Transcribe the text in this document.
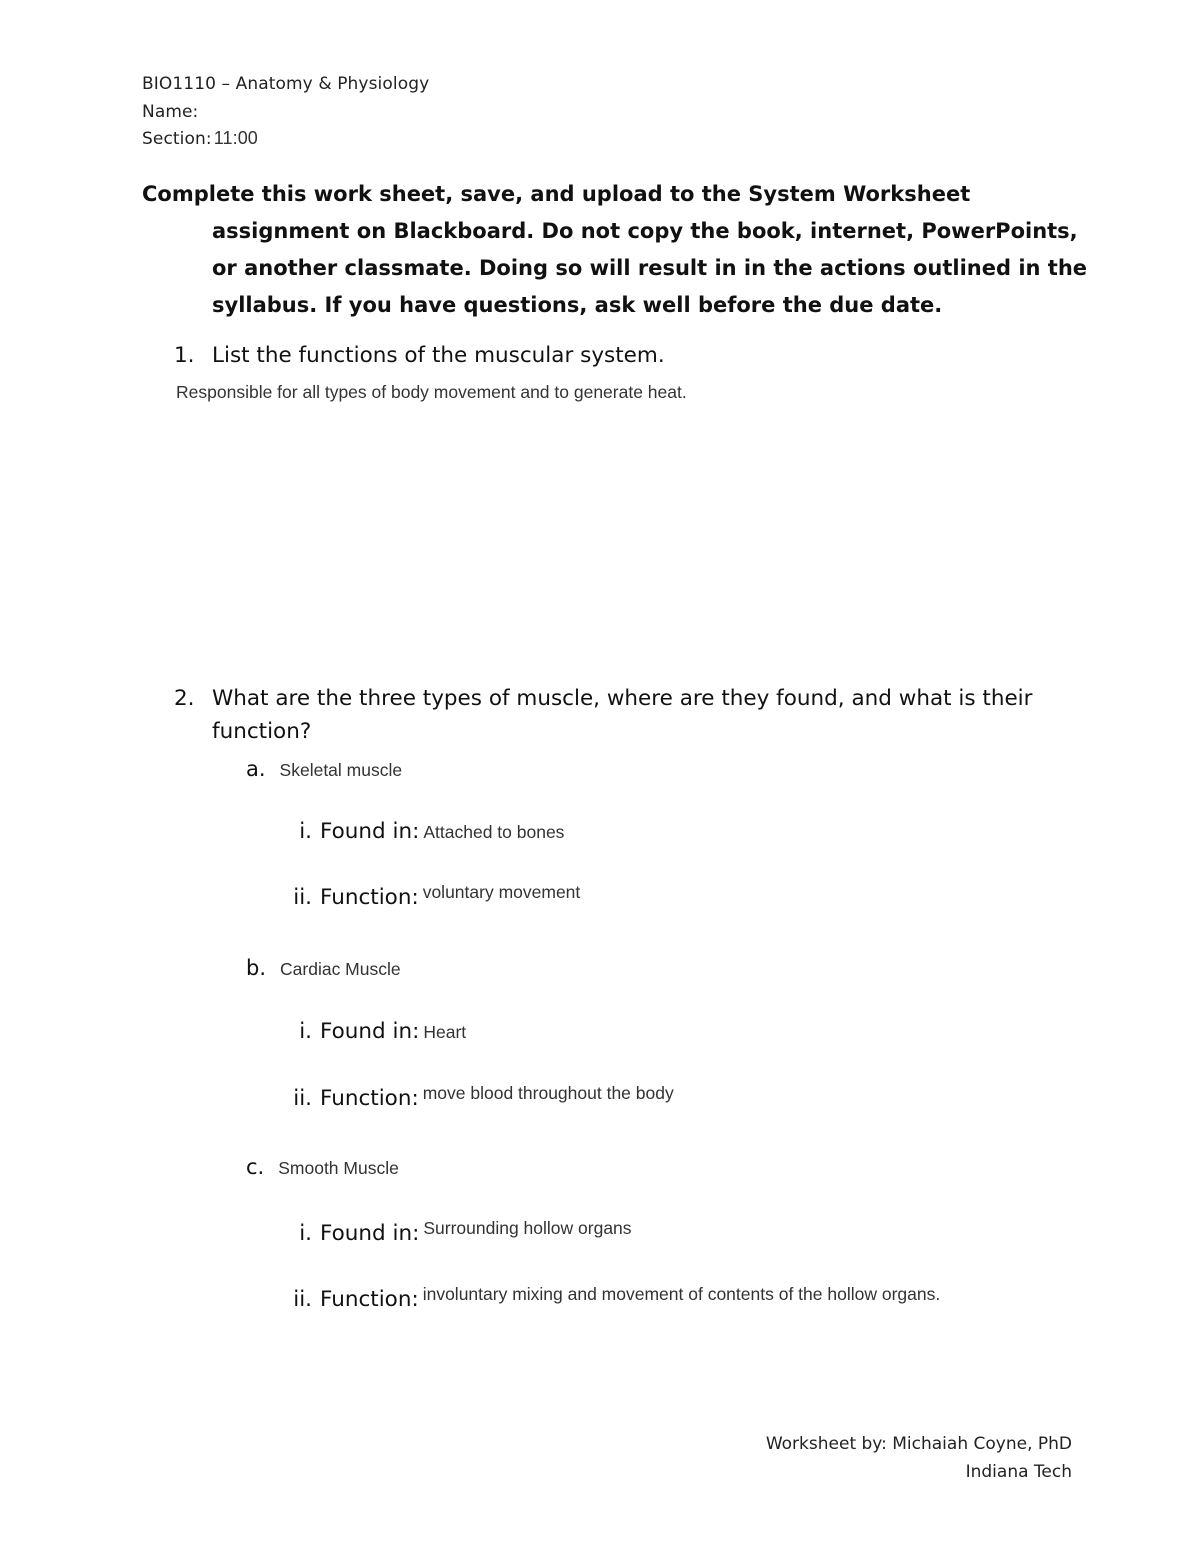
BIO1110 – Anatomy & Physiology
Name:
Section: 11:00
Complete this work sheet, save, and upload to the System Worksheet assignment on Blackboard. Do not copy the book, internet, PowerPoints, or another classmate. Doing so will result in in the actions outlined in the syllabus. If you have questions, ask well before the due date.
1. List the functions of the muscular system.
Responsible for all types of body movement and to generate heat.
2. What are the three types of muscle, where are they found, and what is their
function?
a. Skeletal muscle
i. Found in: Attached to bones
ii. Function: $^{voluntary movement}$
b. Cardiac Muscle
i. Found in: Heart
ii. Function: $^{move blood throughout the body}$
c. Smooth Muscle
i. Found in: $^{Surrounding hollow organs}$
ii. Function: $^{involuntary mixing and movement of contents of the hollow organs.}$
Worksheet by: Michaiah Coyne, PhD
Indiana Tech
